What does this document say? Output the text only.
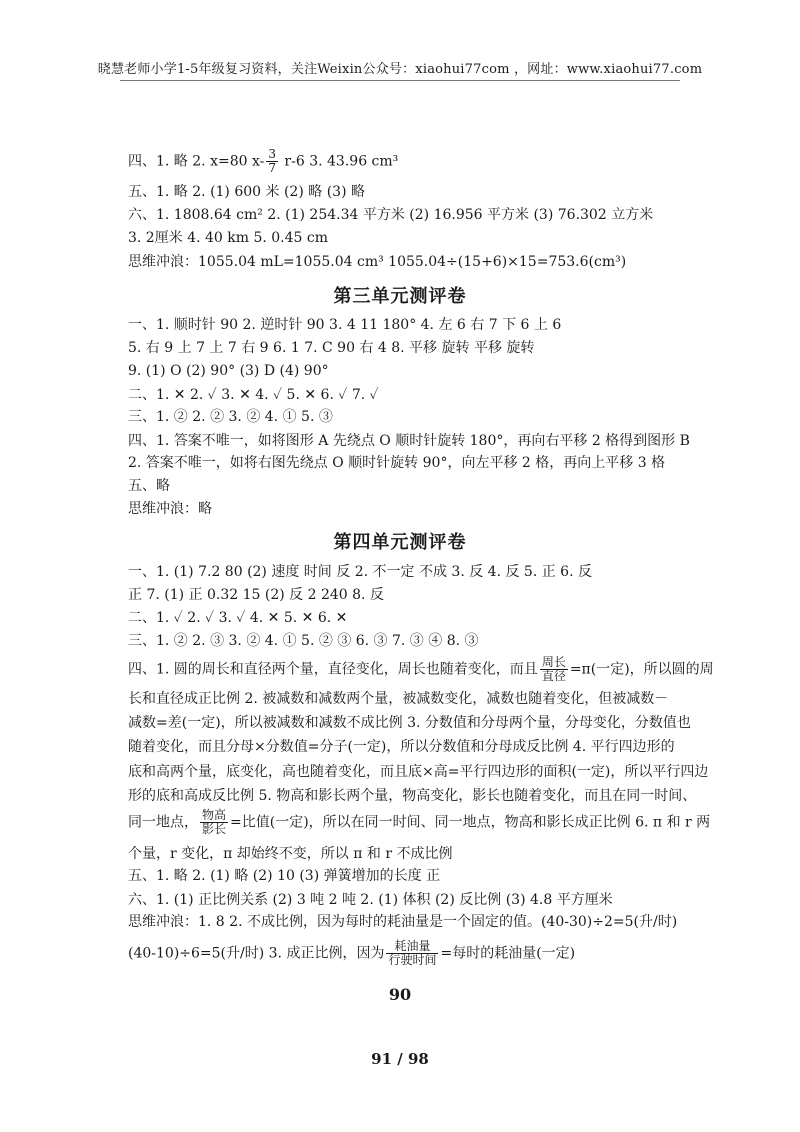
晓慧老师小学1-5年级复习资料，关注Weixin公众号：xiaohui77com ，网址：www.xiaohui77.com
四、1. 略 2. x=80 $x- \frac{3}{7} r-6$ 3. 43.96 cm³
五、1. 略 2. (1) 600 米 (2) 略 (3) 略
六、1. 1808.64 cm² 2. (1) 254.34 平方米 (2) 16.956 平方米 (3) 76.302 立方米
3. 2厘米 4. 40 km 5. 0.45 cm
思维冲浪：1055.04 mL=1055.04 cm³ 1055.04÷(15+6)×15=753.6(cm³)
第三单元测评卷
一、1. 顺时针 90 2. 逆时针 90 3. 4 11 180° 4. 左 6 右 7 下 6 上 6
5. 右 9 上 7 上 7 右 9 6. 1 7. C 90 右 4 8. 平移 旋转 平移 旋转
9. (1) O (2) 90° (3) D (4) 90°
二、1. ✕ 2. ✓ 3. ✕ 4. ✓ 5. ✕ 6. ✓ 7. ✓
三、1. ② 2. ② 3. ② 4. ① 5. ③
四、1. 答案不唯一，如将图形 A 先绕点 O 顺时针旋转 180°，再向右平移 2 格得到图形 B
2. 答案不唯一，如将右图先绕点 O 顺时针旋转 90°，向左平移 2 格，再向上平移 3 格
五、略
思维冲浪：略
第四单元测评卷
一、1. (1) 7.2 80 (2) 速度 时间 反 2. 不一定 不成 3. 反 4. 反 5. 正 6. 反
正 7. (1) 正 0.32 15 (2) 反 2 240 8. 反
二、1. ✓ 2. ✓ 3. ✓ 4. ✕ 5. ✕ 6. ✕
三、1. ② 2. ③ 3. ② 4. ① 5. ② ③ 6. ③ 7. ③ ④ 8. ③
四、1. 圆的周长和直径两个量，直径变化，周长也随着变化，而且 $\frac{\text{周长}}{\text{直径}} =\pi$(一定)，所以圆的周
长和直径成正比例 2. 被减数和减数两个量，被减数变化，减数也随着变化，但被减数－
减数=差(一定)，所以被减数和减数不成比例 3. 分数值和分母两个量，分母变化，分数值也
随着变化，而且分母×分数值=分子(一定)，所以分数值和分母成反比例 4. 平行四边形的
底和高两个量，底变化，高也随着变化，而且底×高=平行四边形的面积(一定)，所以平行四边
形的底和高成反比例 5. 物高和影长两个量，物高变化，影长也随着变化，而且在同一时间、
同一地点， $\frac{\text{物高}}{\text{影长}}$ =比值(一定)，所以在同一时间、同一地点，物高和影长成正比例 6. π 和 r 两
个量，r 变化，π 却始终不变，所以 π 和 r 不成比例
五、1. 略 2. (1) 略 (2) 10 (3) 弹簧增加的长度 正
六、1. (1) 正比例关系 (2) 3 吨 2 吨 2. (1) 体积 (2) 反比例 (3) 4.8 平方厘米
思维冲浪：1. 8 2. 不成比例，因为每时的耗油量是一个固定的值。(40-30)÷2=5(升/时)
(40-10)÷6=5(升/时) 3. 成正比例，因为 $\frac{\text{耗油量}}{\text{行驶时间}}$ =每时的耗油量(一定)
90
91 / 98
